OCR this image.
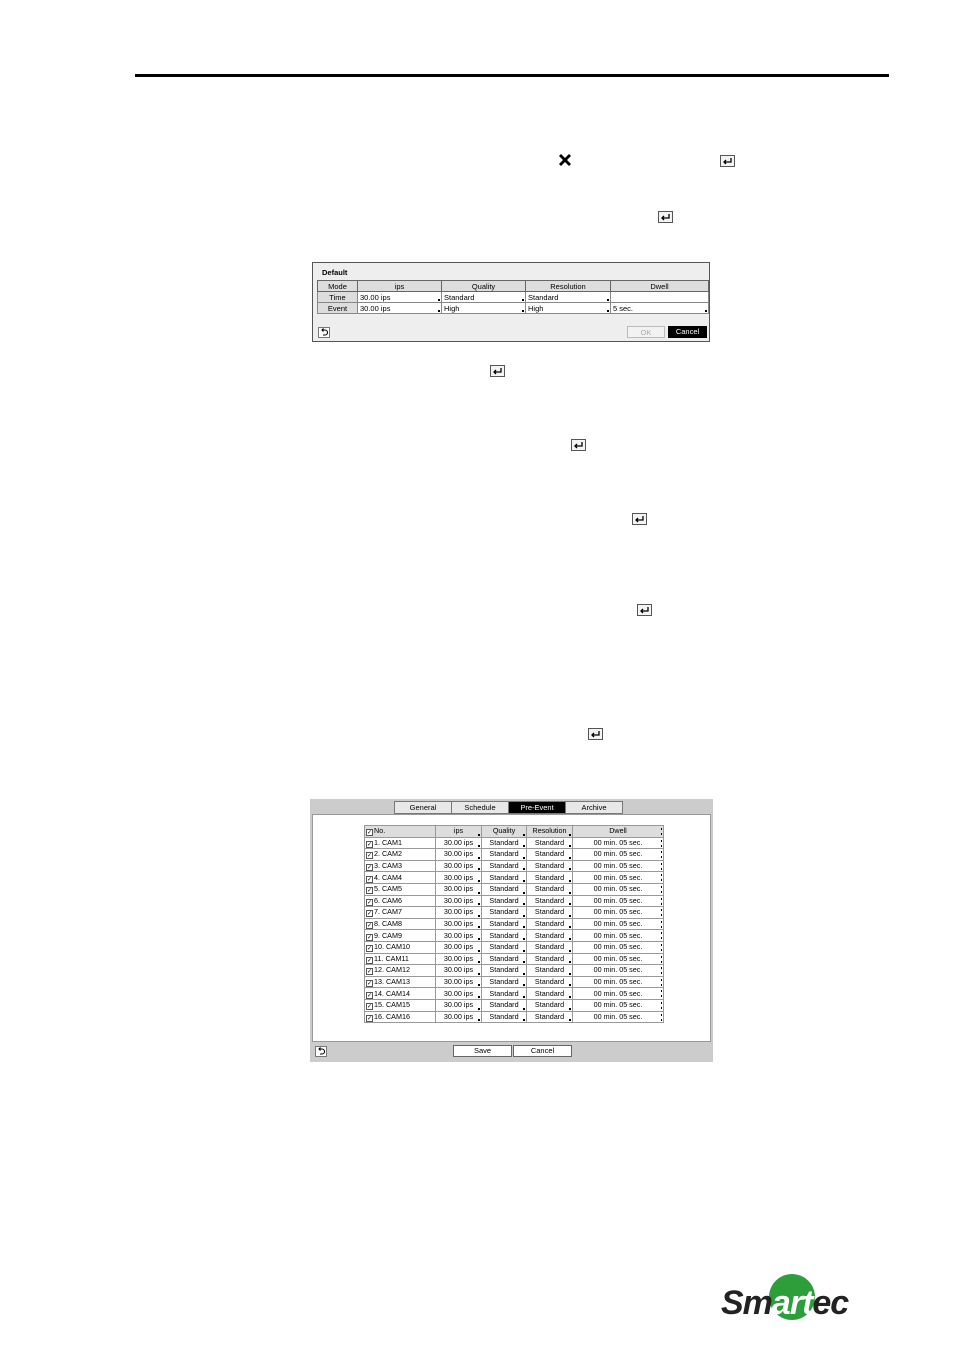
Default
Mode	ips	Quality	Resolution	Dwell
Time	30.00 ips	Standard	Standard	
Event	30.00 ips	High	High	5 sec.
OK	Cancel
General	Schedule	Pre-Event	Archive
✓ No.	ips	Quality	Resolution	Dwell
✓ 1. CAM1	30.00 ips	Standard	Standard	00 min. 05 sec.
✓ 2. CAM2	30.00 ips	Standard	Standard	00 min. 05 sec.
✓ 3. CAM3	30.00 ips	Standard	Standard	00 min. 05 sec.
✓ 4. CAM4	30.00 ips	Standard	Standard	00 min. 05 sec.
✓ 5. CAM5	30.00 ips	Standard	Standard	00 min. 05 sec.
✓ 6. CAM6	30.00 ips	Standard	Standard	00 min. 05 sec.
✓ 7. CAM7	30.00 ips	Standard	Standard	00 min. 05 sec.
✓ 8. CAM8	30.00 ips	Standard	Standard	00 min. 05 sec.
✓ 9. CAM9	30.00 ips	Standard	Standard	00 min. 05 sec.
✓ 10. CAM10	30.00 ips	Standard	Standard	00 min. 05 sec.
✓ 11. CAM11	30.00 ips	Standard	Standard	00 min. 05 sec.
✓ 12. CAM12	30.00 ips	Standard	Standard	00 min. 05 sec.
✓ 13. CAM13	30.00 ips	Standard	Standard	00 min. 05 sec.
✓ 14. CAM14	30.00 ips	Standard	Standard	00 min. 05 sec.
✓ 15. CAM15	30.00 ips	Standard	Standard	00 min. 05 sec.
✓ 16. CAM16	30.00 ips	Standard	Standard	00 min. 05 sec.
Save	Cancel
Smartec
